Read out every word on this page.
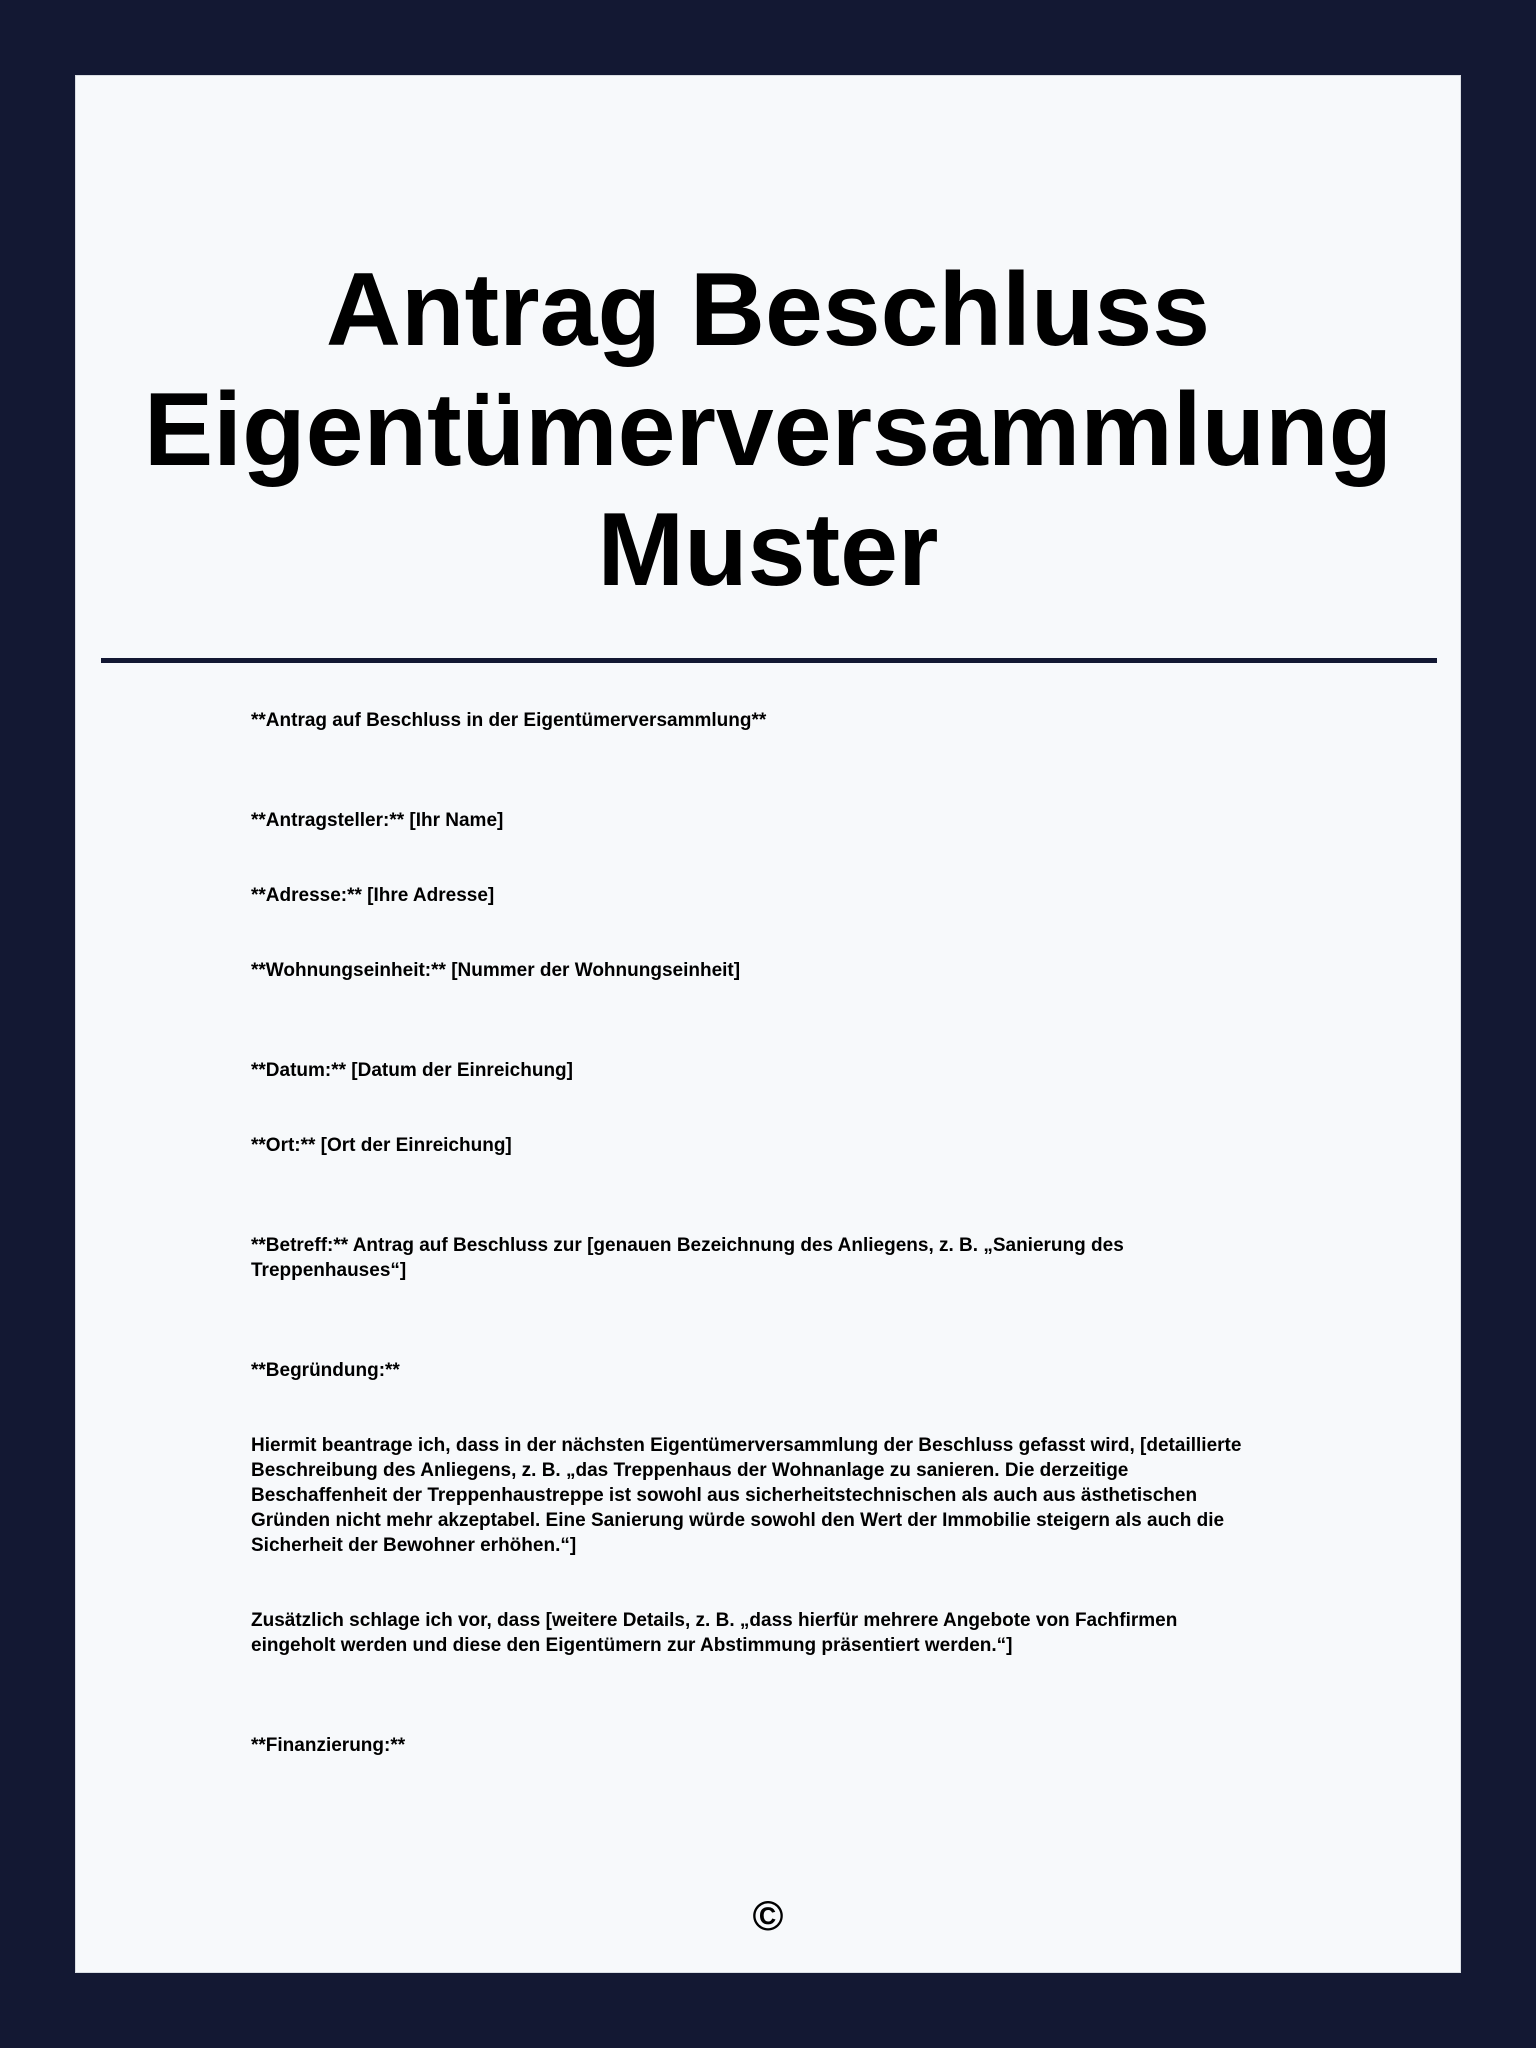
Antrag Beschluss
Eigentümerversammlung
Muster

**Antrag auf Beschluss in der Eigentümerversammlung**

**Antragsteller:** [Ihr Name]

**Adresse:** [Ihre Adresse]

**Wohnungseinheit:** [Nummer der Wohnungseinheit]

**Datum:** [Datum der Einreichung]

**Ort:** [Ort der Einreichung]

**Betreff:** Antrag auf Beschluss zur [genauen Bezeichnung des Anliegens, z. B. „Sanierung des Treppenhauses“]

**Begründung:**

Hiermit beantrage ich, dass in der nächsten Eigentümerversammlung der Beschluss gefasst wird, [detaillierte Beschreibung des Anliegens, z. B. „das Treppenhaus der Wohnanlage zu sanieren. Die derzeitige Beschaffenheit der Treppenhaustreppe ist sowohl aus sicherheitstechnischen als auch aus ästhetischen Gründen nicht mehr akzeptabel. Eine Sanierung würde sowohl den Wert der Immobilie steigern als auch die Sicherheit der Bewohner erhöhen.“]

Zusätzlich schlage ich vor, dass [weitere Details, z. B. „dass hierfür mehrere Angebote von Fachfirmen eingeholt werden und diese den Eigentümern zur Abstimmung präsentiert werden.“]

**Finanzierung:**

©
